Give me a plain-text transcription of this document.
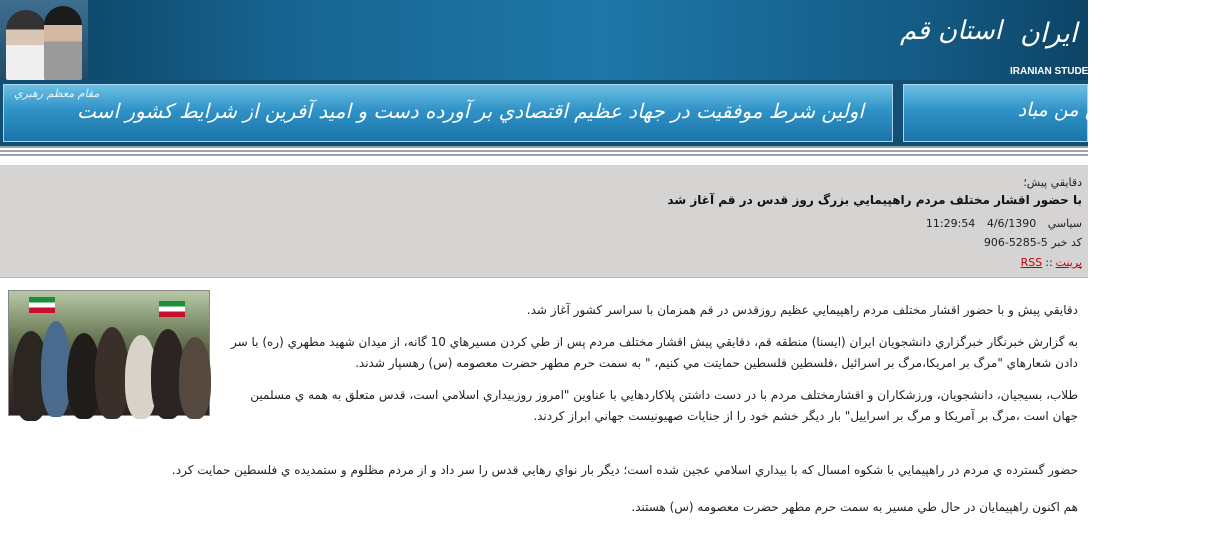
استان قم دانشجويان ايران
IRANIAN STUDENTS
مقام معظم رهبري
اولين شرط موفقيت در جهاد عظيم اقتصادي بر آورده دست و اميد آفرين از شرايط كشور است	چو ايران نباشد تن من مباد
دقايقي پيش؛
با حضور اقشار مختلف مردم راهپيمايي بزرگ روز قدس در قم آغاز شد
سياسي 4/6/1390 11:29:54
كد خبر 5-5285-906
پرينت::RSS

دقايقي پيش و با حضور اقشار مختلف مردم راهپيمايي عظيم روزقدس در قم همزمان با سراسر كشور آغاز شد.

به گزارش خبرنگار خبرگزاري دانشجويان ايران (ايسنا) منطقه قم، دقايقي پيش اقشار مختلف مردم پس از طي كردن مسيرهاي 10 گانه، از ميدان شهيد مطهري (ره) با سر دادن شعارهاي "مرگ بر امريكا،مرگ بر اسرائيل ،فلسطين فلسطين حمايتت مي كنيم، " به سمت حرم مطهر حضرت معصومه (س) رهسپار شدند.

طلاب، بسيجيان، دانشجويان، ورزشكاران و اقشارمختلف مردم با در دست داشتن پلاكاردهايي با عناوين "امروز روزبيداري اسلامي است، قدس متعلق به همه ي مسلمين جهان است ،مرگ بر آمريكا و مرگ بر اسراييل" بار ديگر خشم خود را از جنايات صهيونيست جهاني ابراز كردند.

حضور گسترده ي مردم در راهپيمايي با شكوه امسال كه با بيداري اسلامي عجين شده است؛ ديگر بار نواي رهايي قدس را سر داد و از مردم مظلوم و ستمديده ي فلسطين حمايت كرد.

هم اكنون راهپيمايان در حال طي مسير به سمت حرم مطهر حضرت معصومه (س) هستند.
